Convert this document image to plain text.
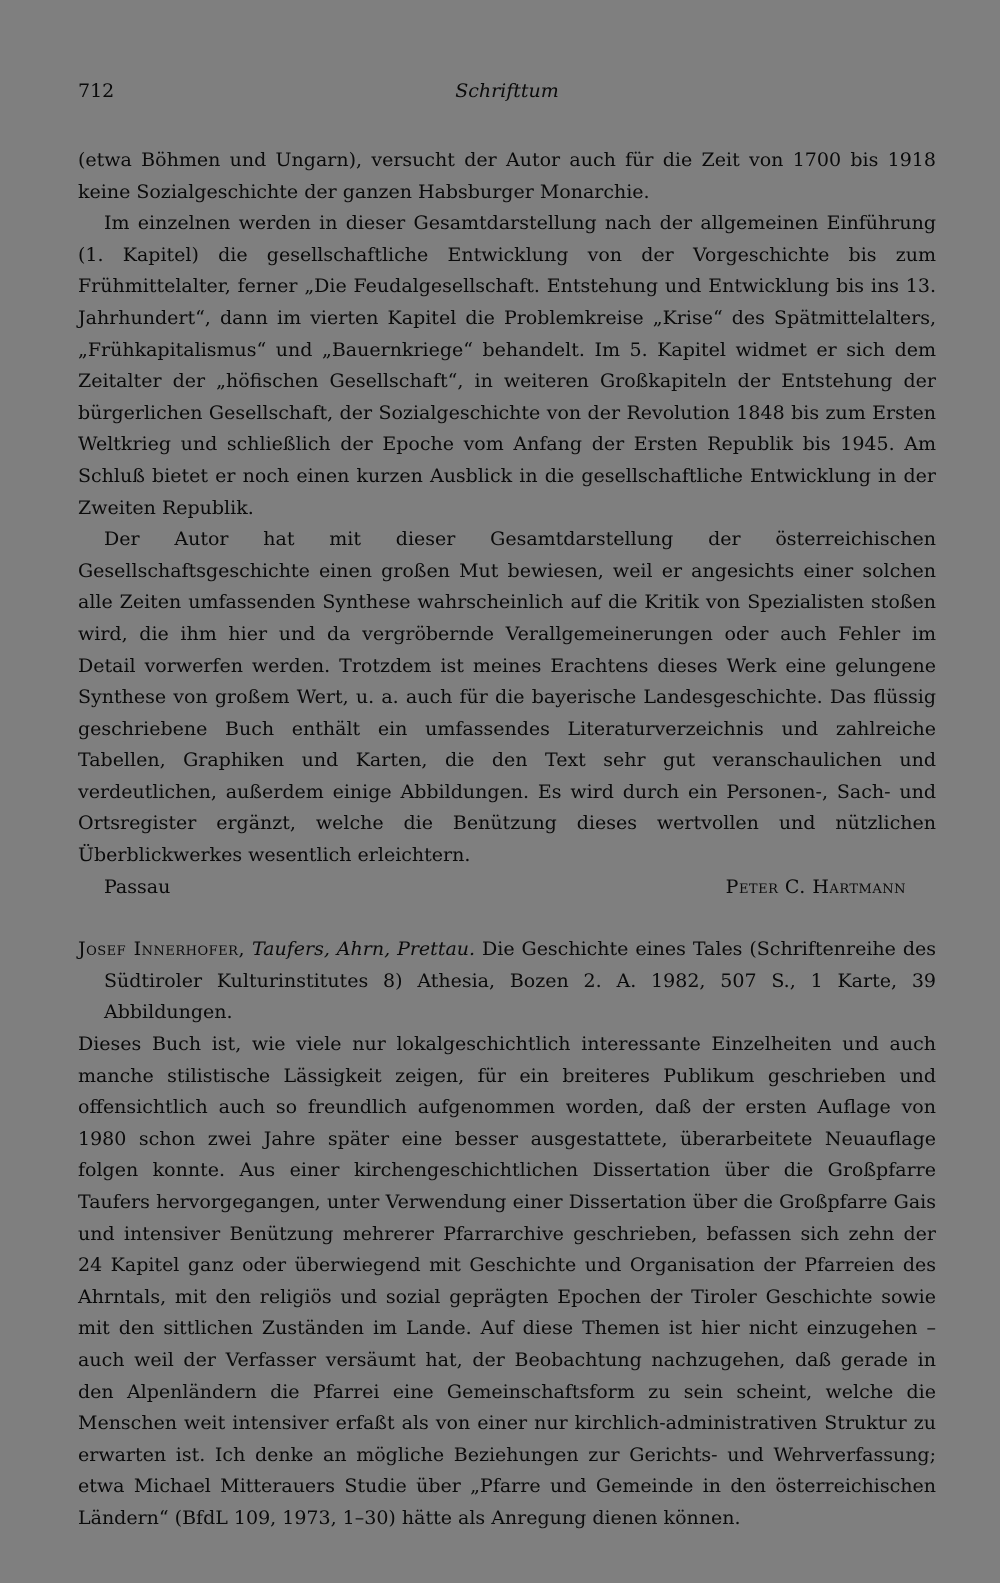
712	Schrifttum

(etwa Böhmen und Ungarn), versucht der Autor auch für die Zeit von 1700 bis 1918 keine Sozialgeschichte der ganzen Habsburger Monarchie.

Im einzelnen werden in dieser Gesamtdarstellung nach der allgemeinen Einführung (1. Kapitel) die gesellschaftliche Entwicklung von der Vorgeschichte bis zum Frühmittelalter, ferner „Die Feudalgesellschaft. Entstehung und Entwicklung bis ins 13. Jahrhundert“, dann im vierten Kapitel die Problemkreise „Krise“ des Spätmittelalters, „Frühkapitalismus“ und „Bauernkriege“ behandelt. Im 5. Kapitel widmet er sich dem Zeitalter der „höfischen Gesellschaft“, in weiteren Großkapiteln der Entstehung der bürgerlichen Gesellschaft, der Sozialgeschichte von der Revolution 1848 bis zum Ersten Weltkrieg und schließlich der Epoche vom Anfang der Ersten Republik bis 1945. Am Schluß bietet er noch einen kurzen Ausblick in die gesellschaftliche Entwicklung in der Zweiten Republik.

Der Autor hat mit dieser Gesamtdarstellung der österreichischen Gesellschaftsgeschichte einen großen Mut bewiesen, weil er angesichts einer solchen alle Zeiten umfassenden Synthese wahrscheinlich auf die Kritik von Spezialisten stoßen wird, die ihm hier und da vergröbernde Verallgemeinerungen oder auch Fehler im Detail vorwerfen werden. Trotzdem ist meines Erachtens dieses Werk eine gelungene Synthese von großem Wert, u. a. auch für die bayerische Landesgeschichte. Das flüssig geschriebene Buch enthält ein umfassendes Literaturverzeichnis und zahlreiche Tabellen, Graphiken und Karten, die den Text sehr gut veranschaulichen und verdeutlichen, außerdem einige Abbildungen. Es wird durch ein Personen-, Sach- und Ortsregister ergänzt, welche die Benützung dieses wertvollen und nützlichen Überblickwerkes wesentlich erleichtern.

Passau	Peter C. Hartmann

Josef Innerhofer, Taufers, Ahrn, Prettau. Die Geschichte eines Tales (Schriftenreihe des Südtiroler Kulturinstitutes 8) Athesia, Bozen 2. A. 1982, 507 S., 1 Karte, 39 Abbildungen.

Dieses Buch ist, wie viele nur lokalgeschichtlich interessante Einzelheiten und auch manche stilistische Lässigkeit zeigen, für ein breiteres Publikum geschrieben und offensichtlich auch so freundlich aufgenommen worden, daß der ersten Auflage von 1980 schon zwei Jahre später eine besser ausgestattete, überarbeitete Neuauflage folgen konnte. Aus einer kirchengeschichtlichen Dissertation über die Großpfarre Taufers hervorgegangen, unter Verwendung einer Dissertation über die Großpfarre Gais und intensiver Benützung mehrerer Pfarrarchive geschrieben, befassen sich zehn der 24 Kapitel ganz oder überwiegend mit Geschichte und Organisation der Pfarreien des Ahrntals, mit den religiös und sozial geprägten Epochen der Tiroler Geschichte sowie mit den sittlichen Zuständen im Lande. Auf diese Themen ist hier nicht einzugehen – auch weil der Verfasser versäumt hat, der Beobachtung nachzugehen, daß gerade in den Alpenländern die Pfarrei eine Gemeinschaftsform zu sein scheint, welche die Menschen weit intensiver erfaßt als von einer nur kirchlich-administrativen Struktur zu erwarten ist. Ich denke an mögliche Beziehungen zur Gerichts- und Wehrverfassung; etwa Michael Mitterauers Studie über „Pfarre und Gemeinde in den österreichischen Ländern“ (BfdL 109, 1973, 1–30) hätte als Anregung dienen können.
